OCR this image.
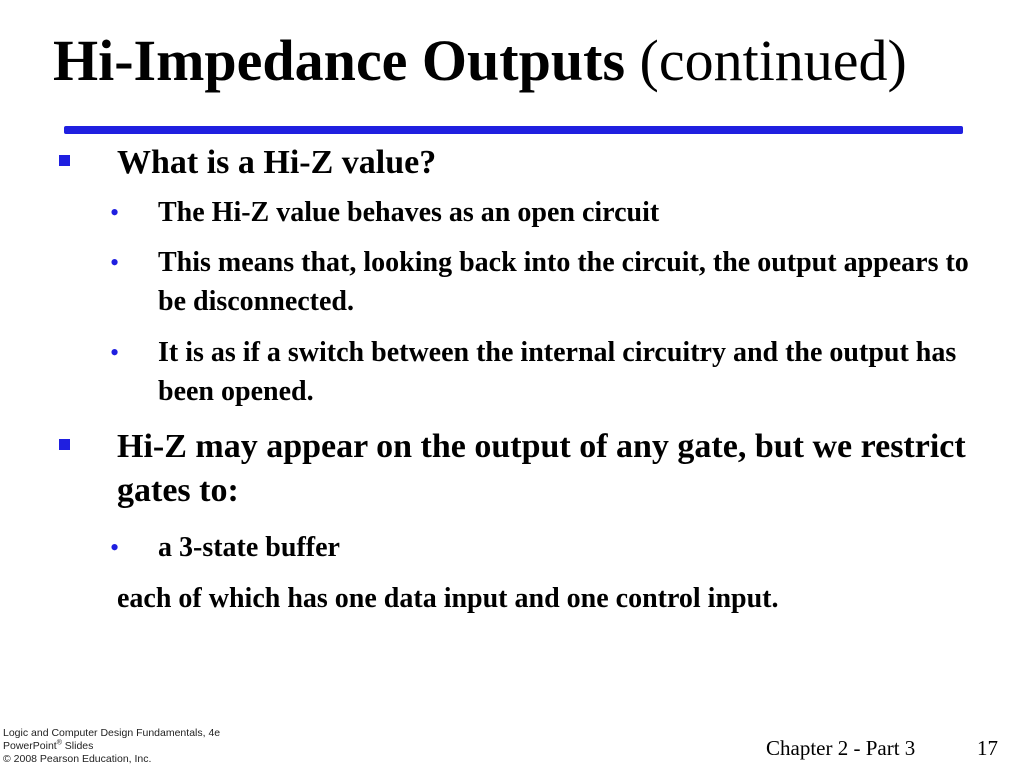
Hi-Impedance Outputs (continued)
What is a Hi-Z value?
• The Hi-Z value behaves as an open circuit
• This means that, looking back into the circuit, the output appears to be disconnected.
• It is as if a switch between the internal circuitry and the output has been opened.
Hi-Z may appear on the output of any gate, but we restrict gates to:
• a 3-state buffer
each of which has one data input and one control input.
Logic and Computer Design Fundamentals, 4e
PowerPoint® Slides
© 2008 Pearson Education, Inc.	Chapter 2 - Part 3	17
